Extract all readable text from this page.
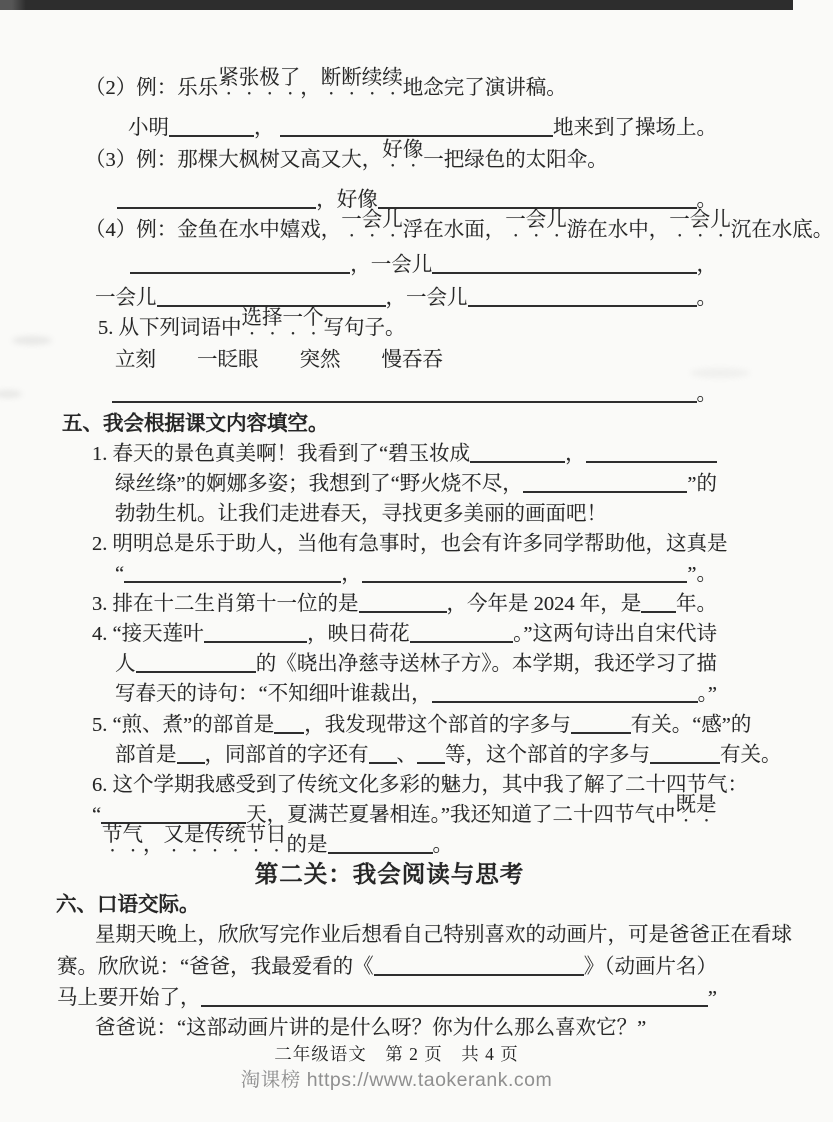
（2）例：乐乐 紧张极了 ， 断断续续 地念完了演讲稿。
小明	，	地来到了操场上。
（3）例：那棵大枫树又高又大， 好像 一把绿色的太阳伞。
，好像	。
（4）例：金鱼在水中嬉戏， 一会儿 浮在水面， 一会儿 游在水中， 一会儿 沉在水底。
，一会儿	，
一会儿	，一会儿	。
5. 从下列词语中 选择一个 写句子。
立刻　　一眨眼　　突然　　慢吞吞
。
五、我会根据课文内容填空。
1. 春天的景色真美啊！我看到了“碧玉妆成	，
绿丝绦”的婀娜多姿；我想到了“野火烧不尽，	”的
勃勃生机。让我们走进春天，寻找更多美丽的画面吧！
2. 明明总是乐于助人，当他有急事时，也会有许多同学帮助他，这真是
“	，	”。
3. 排在十二生肖第十一位的是	，今年是 2024 年，是 年。
4. “接天莲叶	，映日荷花	。”这两句诗出自宋代诗
人	的《晓出净慈寺送林子方》。本学期，我还学习了描
写春天的诗句：“不知细叶谁裁出，	。”
5. “煎、煮”的部首是 ，我发现带这个部首的字多与	有关。“感”的
部首是 ，同部首的字还有 、 等，这个部首的字多与	有关。
6. 这个学期我感受到了传统文化多彩的魅力，其中我了解了二十四节气：
“	天，夏满芒夏暑相连。”我还知道了二十四节气中 既是
节气 ， 又是传统节日 的是	。
第二关：我会阅读与思考
六、口语交际。
星期天晚上，欣欣写完作业后想看自己特别喜欢的动画片，可是爸爸正在看球
赛。欣欣说：“爸爸，我最爱看的《	》（动画片名）
马上要开始了，	”
爸爸说：“这部动画片讲的是什么呀？你为什么那么喜欢它？”
二年级语文　第 2 页　共 4 页
淘课榜 https://www.taokerank.com
